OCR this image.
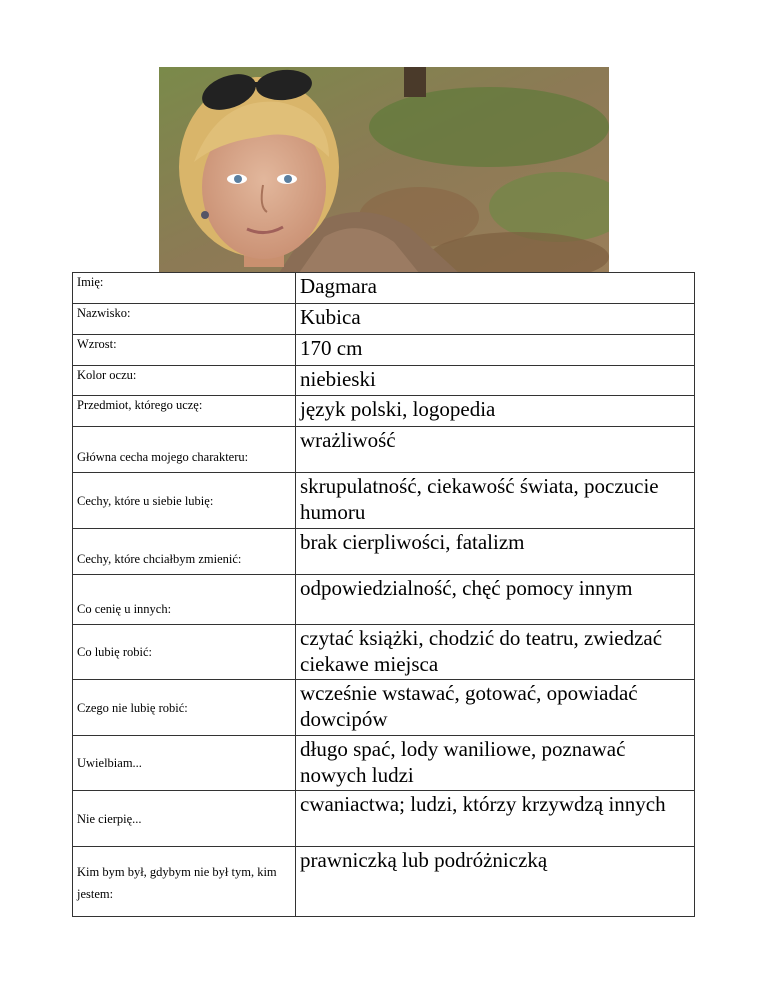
Imię:	Dagmara
Nazwisko:	Kubica
Wzrost:	170 cm
Kolor oczu:	niebieski
Przedmiot, którego uczę:	język polski, logopedia
Główna cecha mojego charakteru:	wrażliwość
Cechy, które u siebie lubię:	skrupulatność, ciekawość świata, poczucie humoru
Cechy, które chciałbym zmienić:	brak cierpliwości, fatalizm
Co cenię u innych:	odpowiedzialność, chęć pomocy innym
Co lubię robić:	czytać książki, chodzić do teatru, zwiedzać ciekawe miejsca
Czego nie lubię robić:	wcześnie wstawać, gotować, opowiadać dowcipów
Uwielbiam...	długo spać, lody waniliowe, poznawać nowych ludzi
Nie cierpię...	cwaniactwa; ludzi, którzy krzywdzą innych
Kim bym był, gdybym nie był tym, kim jestem:	prawniczką lub podróżniczką
